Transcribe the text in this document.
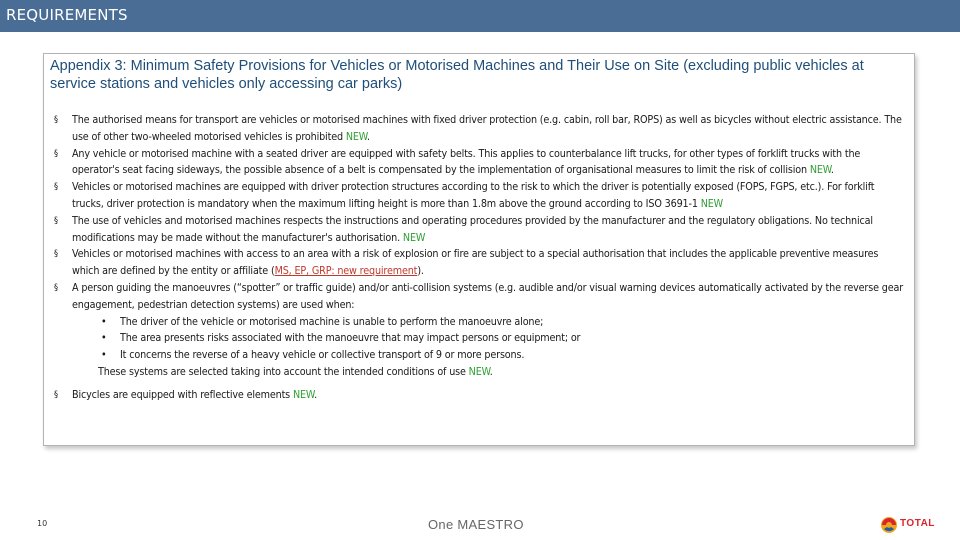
REQUIREMENTS
Appendix 3: Minimum Safety Provisions for Vehicles or Motorised Machines and Their Use on Site (excluding public vehicles at service stations and vehicles only accessing car parks)
§ The authorised means for transport are vehicles or motorised machines with fixed driver protection (e.g. cabin, roll bar, ROPS) as well as bicycles without electric assistance. The use of other two-wheeled motorised vehicles is prohibited NEW.
§ Any vehicle or motorised machine with a seated driver are equipped with safety belts. This applies to counterbalance lift trucks, for other types of forklift trucks with the operator's seat facing sideways, the possible absence of a belt is compensated by the implementation of organisational measures to limit the risk of collision NEW.
§ Vehicles or motorised machines are equipped with driver protection structures according to the risk to which the driver is potentially exposed (FOPS, FGPS, etc.). For forklift trucks, driver protection is mandatory when the maximum lifting height is more than 1.8m above the ground according to ISO 3691-1 NEW
§ The use of vehicles and motorised machines respects the instructions and operating procedures provided by the manufacturer and the regulatory obligations. No technical modifications may be made without the manufacturer's authorisation. NEW
§ Vehicles or motorised machines with access to an area with a risk of explosion or fire are subject to a special authorisation that includes the applicable preventive measures which are defined by the entity or affiliate (MS, EP, GRP: new requirement).
§ A person guiding the manoeuvres (“spotter” or traffic guide) and/or anti-collision systems (e.g. audible and/or visual warning devices automatically activated by the reverse gear engagement, pedestrian detection systems) are used when:
• The driver of the vehicle or motorised machine is unable to perform the manoeuvre alone;
• The area presents risks associated with the manoeuvre that may impact persons or equipment; or
• It concerns the reverse of a heavy vehicle or collective transport of 9 or more persons.
These systems are selected taking into account the intended conditions of use NEW.
§ Bicycles are equipped with reflective elements NEW.
10	One MAESTRO	TOTAL
